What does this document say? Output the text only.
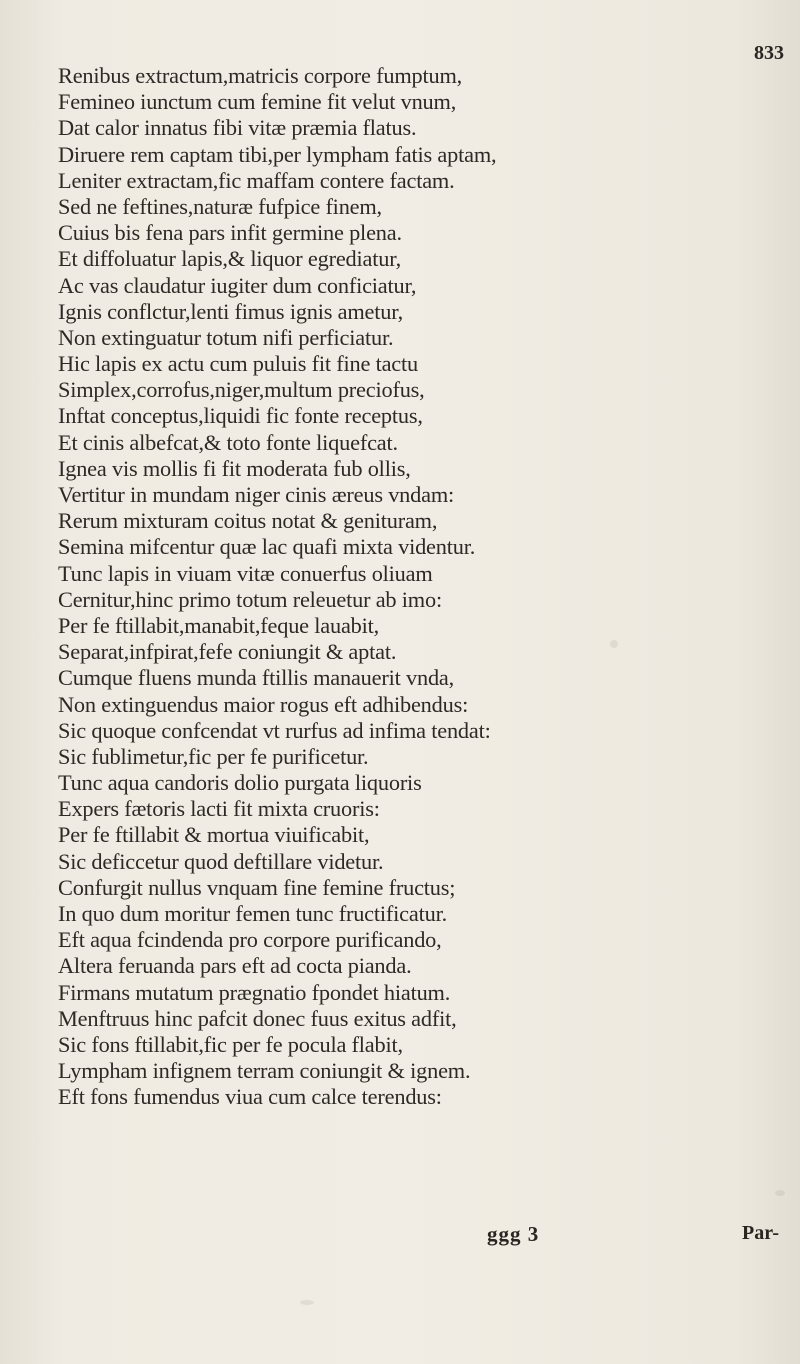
833
Renibus extractum,matricis corpore fumptum,
Femineo iunctum cum femine fit velut vnum,
Dat calor innatus fibi vitæ præmia flatus.
Diruere rem captam tibi,per lympham fatis aptam,
Leniter extractam,fic maffam contere factam.
Sed ne feftines,naturæ fufpice finem,
Cuius bis fena pars infit germine plena.
Et diffoluatur lapis,& liquor egrediatur,
Ac vas claudatur iugiter dum conficiatur,
Ignis conflctur,lenti fimus ignis ametur,
Non extinguatur totum nifi perficiatur.
Hic lapis ex actu cum puluis fit fine tactu
Simplex,corrofus,niger,multum preciofus,
Inftat conceptus,liquidi fic fonte receptus,
Et cinis albefcat,& toto fonte liquefcat.
Ignea vis mollis fi fit moderata fub ollis,
Vertitur in mundam niger cinis æreus vndam:
Rerum mixturam coitus notat & genituram,
Semina mifcentur quæ lac quafi mixta videntur.
Tunc lapis in viuam vitæ conuerfus oliuam
Cernitur,hinc primo totum releuetur ab imo:
Per fe ftillabit,manabit,feque lauabit,
Separat,infpirat,fefe coniungit & aptat.
Cumque fluens munda ftillis manauerit vnda,
Non extinguendus maior rogus eft adhibendus:
Sic quoque confcendat vt rurfus ad infima tendat:
Sic fublimetur,fic per fe purificetur.
Tunc aqua candoris dolio purgata liquoris
Expers fætoris lacti fit mixta cruoris:
Per fe ftillabit & mortua viuificabit,
Sic deficcetur quod deftillare videtur.
Confurgit nullus vnquam fine femine fructus;
In quo dum moritur femen tunc fructificatur.
Eft aqua fcindenda pro corpore purificando,
Altera feruanda pars eft ad cocta pianda.
Firmans mutatum prægnatio fpondet hiatum.
Menftruus hinc pafcit donec fuus exitus adfit,
Sic fons ftillabit,fic per fe pocula flabit,
Lympham infignem terram coniungit & ignem.
Eft fons fumendus viua cum calce terendus:
ggg 3	Par-
